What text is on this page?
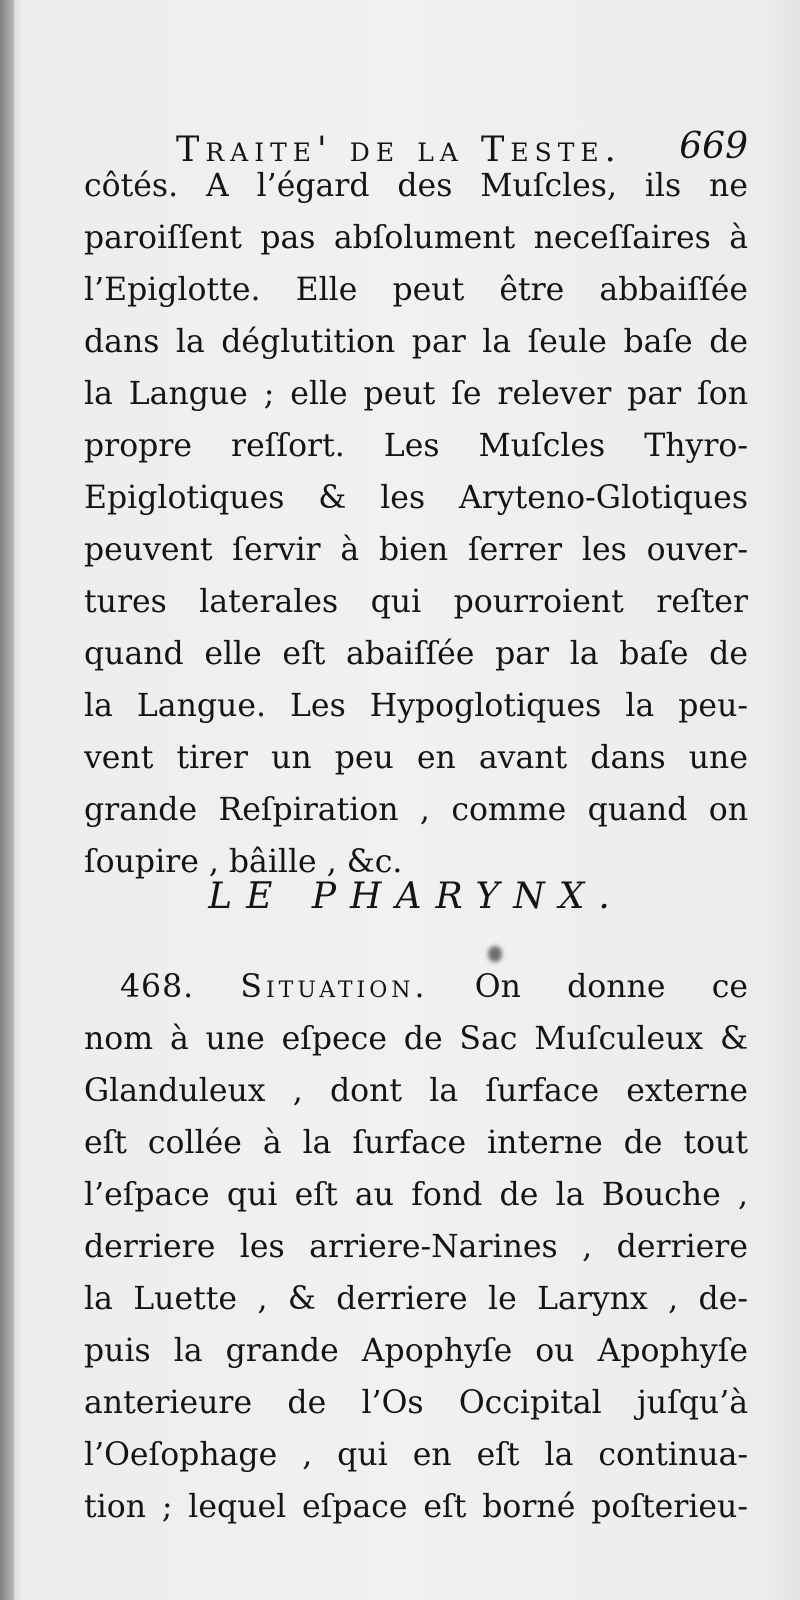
Traite' de la Teste. 669
côtés. A l’égard des Muſcles, ils ne
paroiſſent pas abſolument neceſſaires à
l’Epiglotte. Elle peut être abbaiſſée
dans la déglutition par la ſeule baſe de
la Langue ; elle peut ſe relever par ſon
propre reſſort. Les Muſcles Thyro-
Epiglotiques & les Aryteno-Glotiques
peuvent ſervir à bien ſerrer les ouver-
tures laterales qui pourroient reſter
quand elle eſt abaiſſée par la baſe de
la Langue. Les Hypoglotiques la peu-
vent tirer un peu en avant dans une
grande Reſpiration , comme quand on
ſoupire , bâille , &c.
LE PHARYNX.
468. Situation. On donne ce
nom à une eſpece de Sac Muſculeux &
Glanduleux , dont la ſurface externe
eſt collée à la ſurface interne de tout
l’eſpace qui eſt au fond de la Bouche ,
derriere les arriere-Narines , derriere
la Luette , & derriere le Larynx , de-
puis la grande Apophyſe ou Apophyſe
anterieure de l’Os Occipital juſqu’à
l’Oeſophage , qui en eſt la continua-
tion ; lequel eſpace eſt borné poſterieu-
